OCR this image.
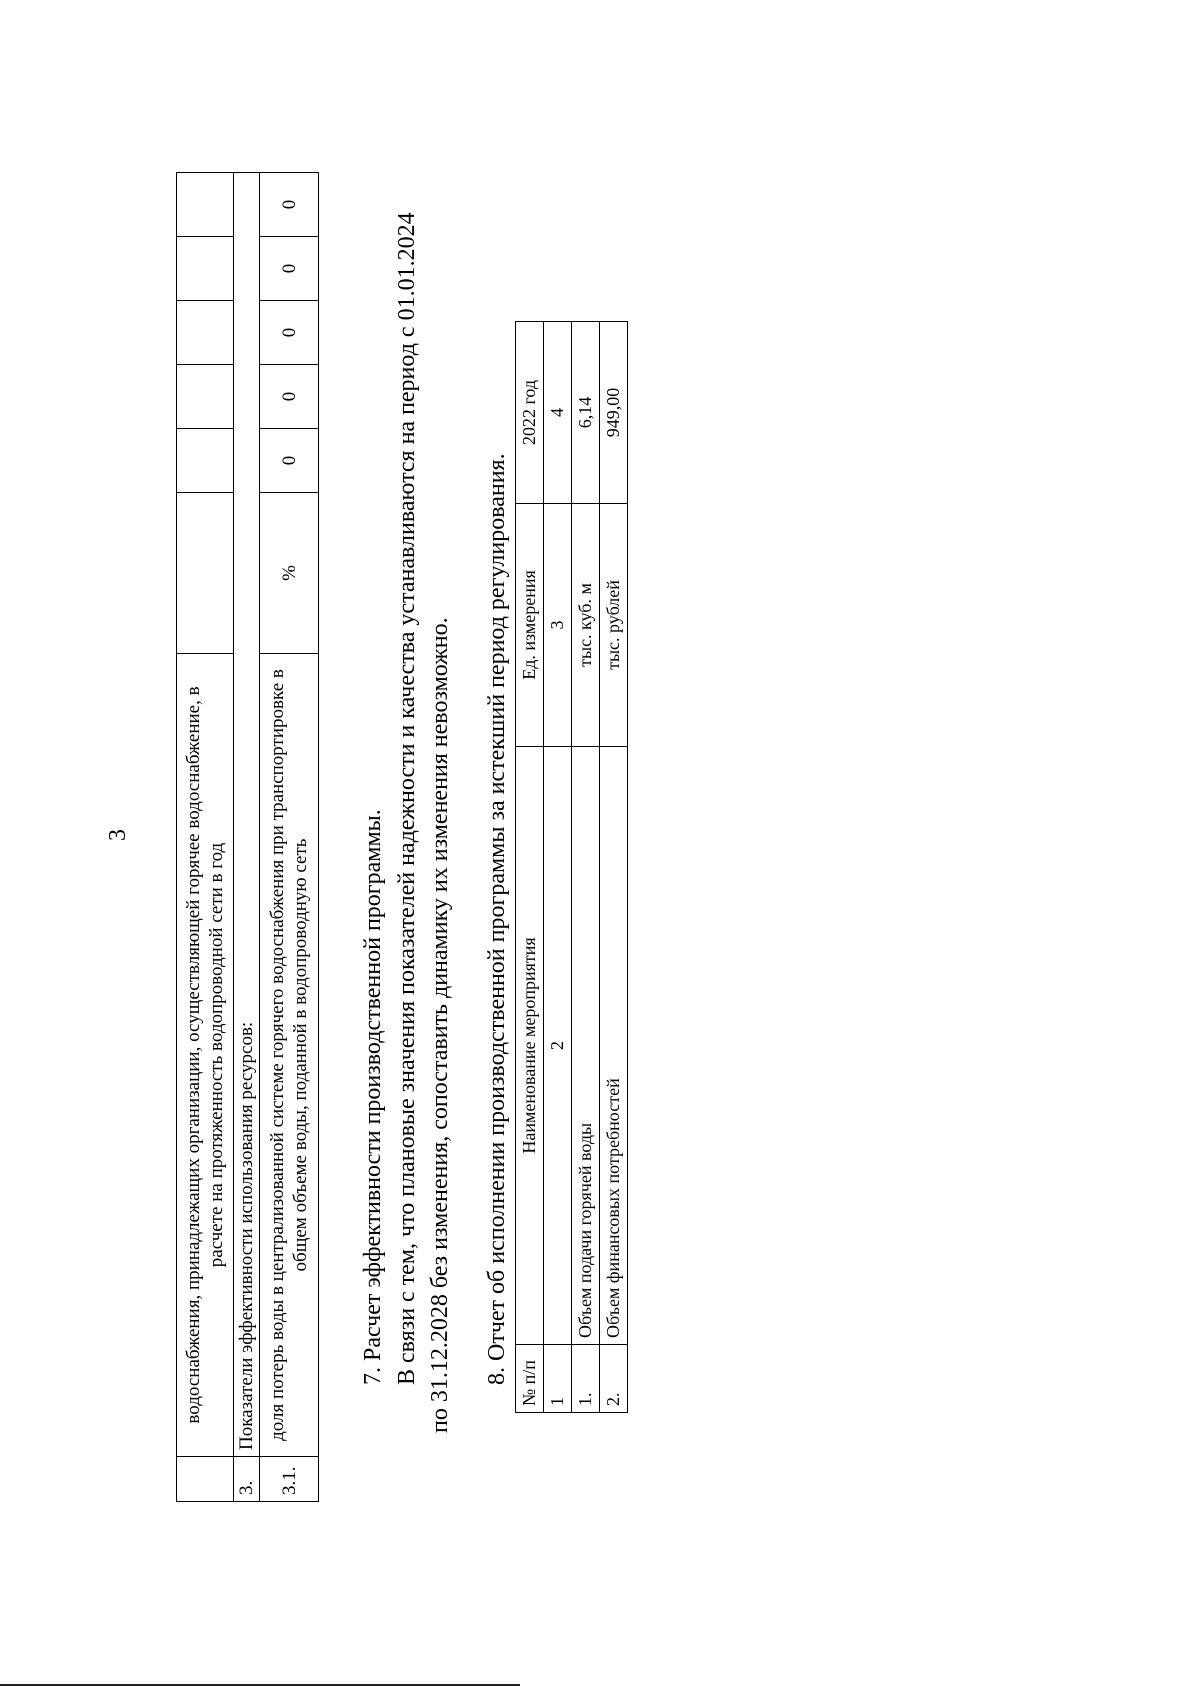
3
		водоснабжения, принадлежащих организации, осуществляющей горячее водоснабжение, в расчете на протяженность водопроводной сети в год						
3.	Показатели эффективности использования ресурсов:						
3.1.	доля потерь воды в централизованной системе горячего водоснабжения при транспортировке в общем объеме воды, поданной в водопроводную сеть	%	0	0	0	0	0
7. Расчет эффективности производственной программы. В связи с тем, что плановые значения показателей надежности и качества устанавливаются на период с 01.01.2024 по 31.12.2028 без изменения, сопоставить динамику их изменения невозможно. 8. Отчет об исполнении производственной программы за истекший период регулирования. № п/п	Наименование мероприятия	Ед. измерения	2022 год
1	2	3	4
1.	Объем подачи горячей воды	тыс. куб. м	6,14
2.	Объем финансовых потребностей	тыс. рублей	949,00
